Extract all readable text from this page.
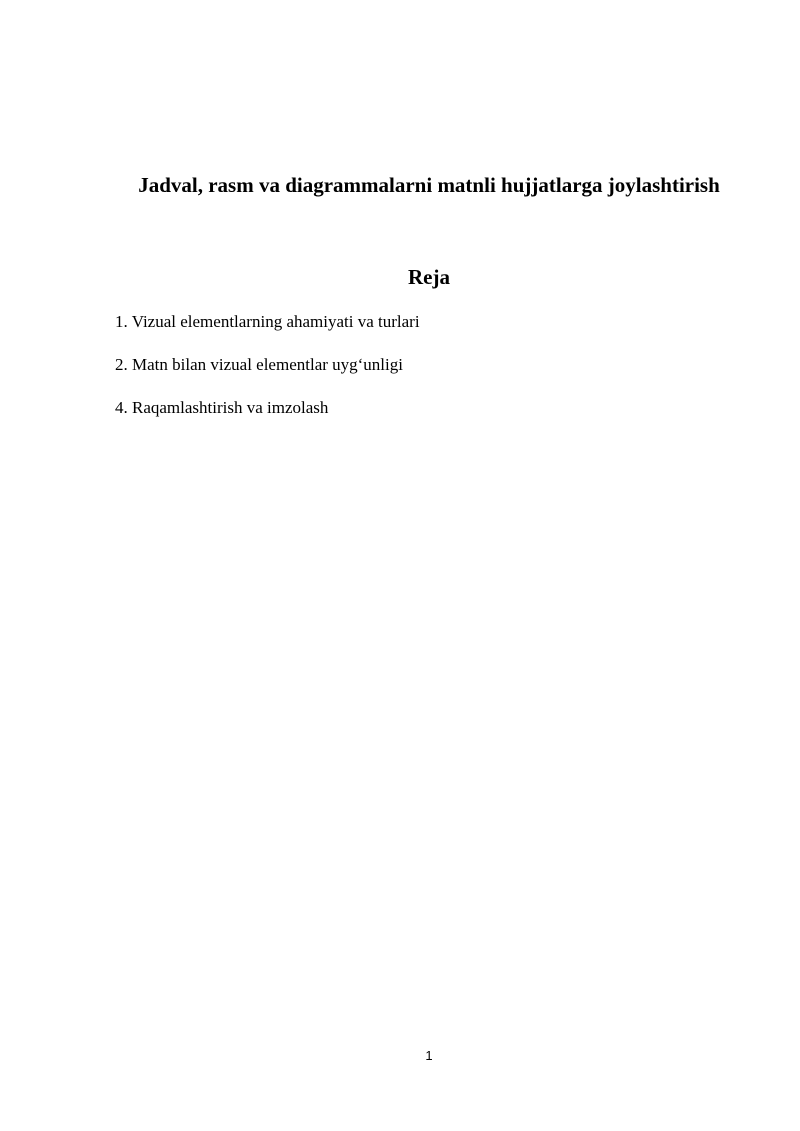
Jadval, rasm va diagrammalarni matnli hujjatlarga joylashtirish
Reja
1. Vizual elementlarning ahamiyati va turlari
2. Matn bilan vizual elementlar uyg‘unligi
4. Raqamlashtirish va imzolash
1
